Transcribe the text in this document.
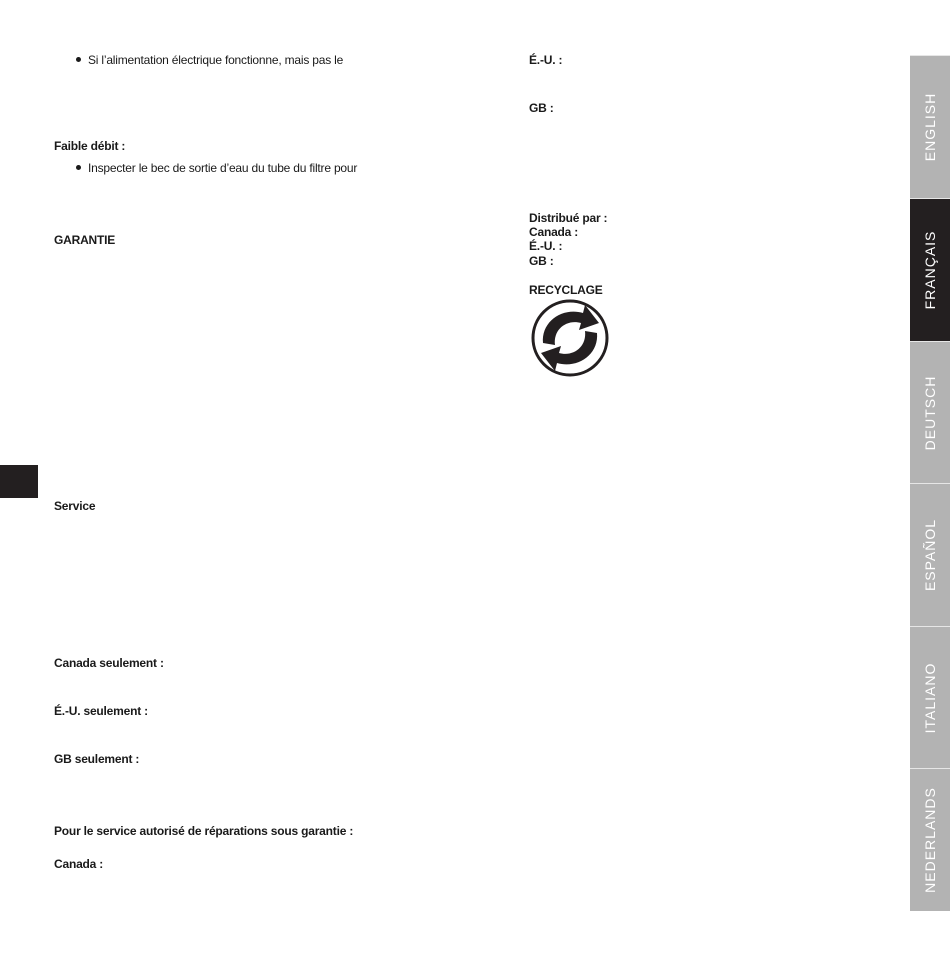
Si l’alimentation électrique fonctionne, mais pas le
Faible débit :
Inspecter le bec de sortie d’eau du tube du filtre pour
GARANTIE
Service
Canada seulement :
É.-U. seulement :
GB seulement :
Pour le service autorisé de réparations sous garantie :
Canada :
É.-U. :
GB :
Distribué par :
Canada :
É.-U. :
GB :
RECYCLAGE
ENGLISH
FRANÇAIS
DEUTSCH
ESPAÑOL
ITALIANO
NEDERLANDS
